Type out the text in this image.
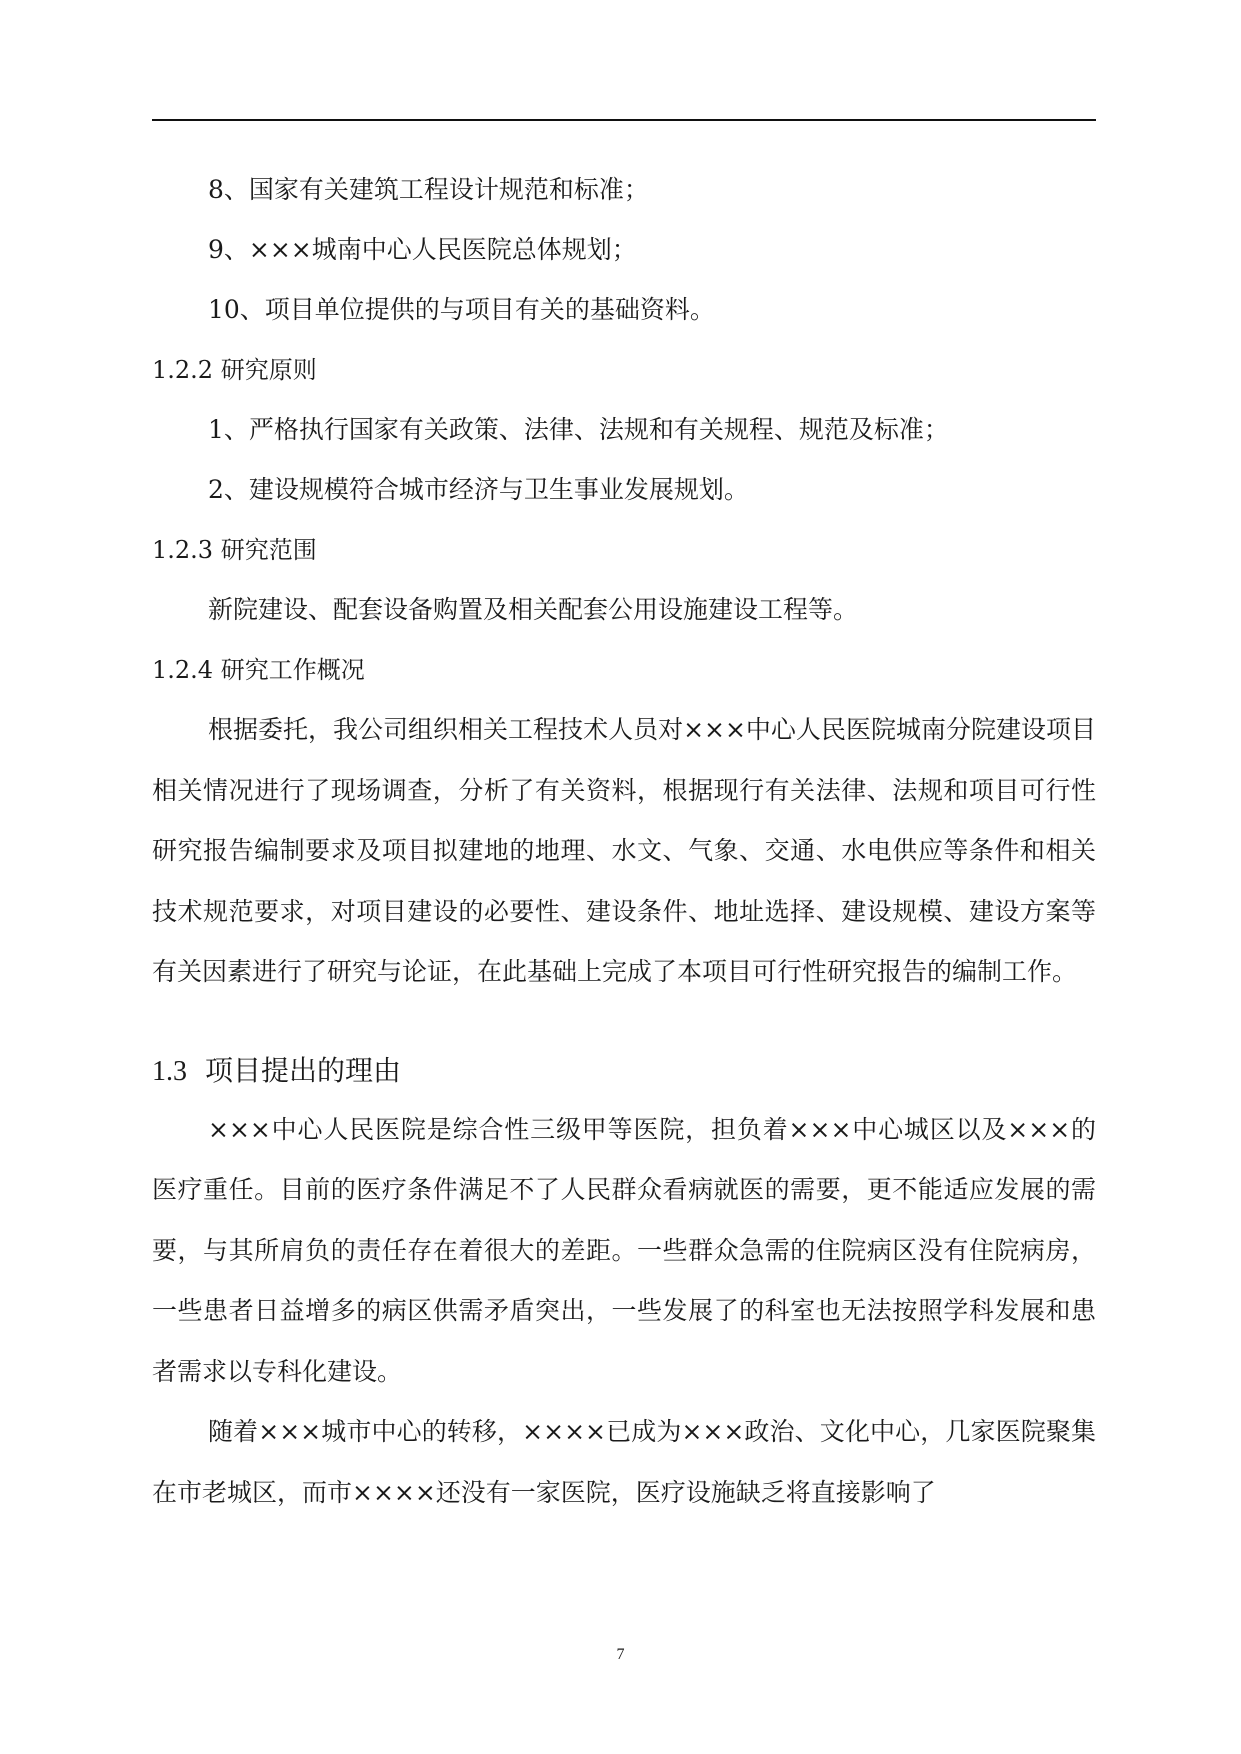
8、国家有关建筑工程设计规范和标准；
9、×××城南中心人民医院总体规划；
10、项目单位提供的与项目有关的基础资料。
1.2.2 研究原则
1、严格执行国家有关政策、法律、法规和有关规程、规范及标准；
2、建设规模符合城市经济与卫生事业发展规划。
1.2.3 研究范围
新院建设、配套设备购置及相关配套公用设施建设工程等。
1.2.4 研究工作概况

根据委托，我公司组织相关工程技术人员对×××中心人民医院城南分院建设项目相关情况进行了现场调查，分析了有关资料，根据现行有关法律、法规和项目可行性研究报告编制要求及项目拟建地的地理、水文、气象、交通、水电供应等条件和相关技术规范要求，对项目建设的必要性、建设条件、地址选择、建设规模、建设方案等有关因素进行了研究与论证，在此基础上完成了本项目可行性研究报告的编制工作。

1.3 项目提出的理由

×××中心人民医院是综合性三级甲等医院，担负着×××中心城区以及×××的医疗重任。目前的医疗条件满足不了人民群众看病就医的需要，更不能适应发展的需要，与其所肩负的责任存在着很大的差距。一些群众急需的住院病区没有住院病房，一些患者日益增多的病区供需矛盾突出，一些发展了的科室也无法按照学科发展和患者需求以专科化建设。

随着×××城市中心的转移，××××已成为×××政治、文化中心，几家医院聚集在市老城区，而市××××还没有一家医院，医疗设施缺乏将直接影响了

7
